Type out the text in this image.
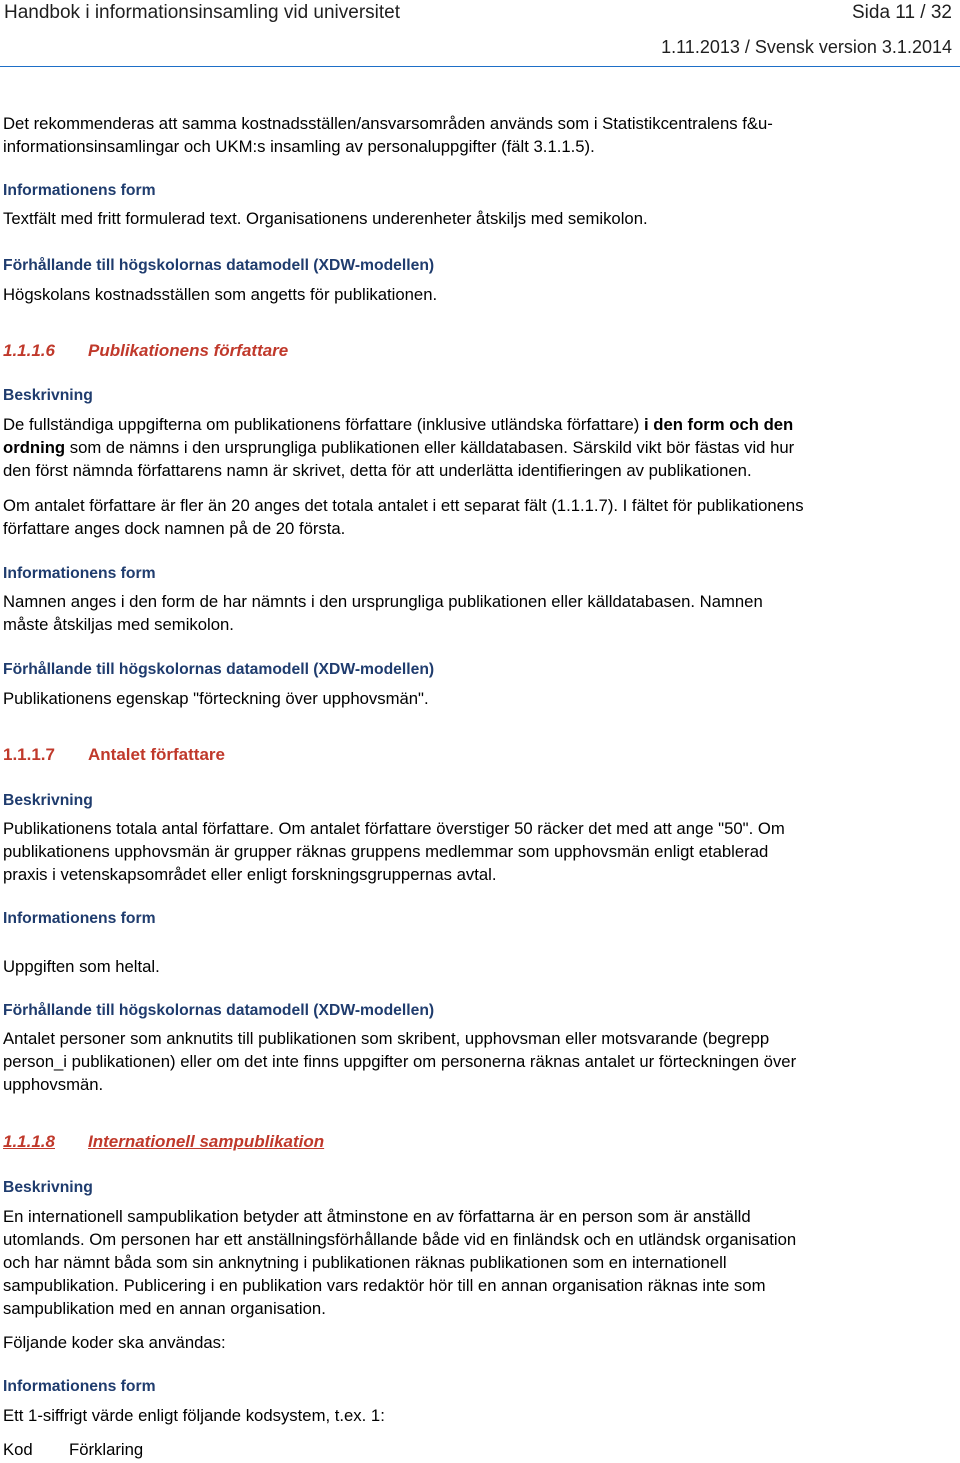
Handbok i informationsinsamling vid universitet	Sida 11 / 32
1.11.2013 / Svensk version 3.1.2014
Det rekommenderas att samma kostnadsställen/ansvarsområden används som i Statistikcentralens f&u-
informationsinsamlingar och UKM:s insamling av personaluppgifter (fält 3.1.1.5).
Informationens form
Textfält med fritt formulerad text. Organisationens underenheter åtskiljs med semikolon.
Förhållande till högskolornas datamodell (XDW-modellen)
Högskolans kostnadsställen som angetts för publikationen.
1.1.1.6 Publikationens författare
Beskrivning
De fullständiga uppgifterna om publikationens författare (inklusive utländska författare) i den form och den
ordning som de nämns i den ursprungliga publikationen eller källdatabasen. Särskild vikt bör fästas vid hur
den först nämnda författarens namn är skrivet, detta för att underlätta identifieringen av publikationen.
Om antalet författare är fler än 20 anges det totala antalet i ett separat fält (1.1.1.7). I fältet för publikationens
författare anges dock namnen på de 20 första.
Informationens form
Namnen anges i den form de har nämnts i den ursprungliga publikationen eller källdatabasen. Namnen
måste åtskiljas med semikolon.
Förhållande till högskolornas datamodell (XDW-modellen)
Publikationens egenskap "förteckning över upphovsmän".
1.1.1.7 Antalet författare
Beskrivning
Publikationens totala antal författare. Om antalet författare överstiger 50 räcker det med att ange "50". Om
publikationens upphovsmän är grupper räknas gruppens medlemmar som upphovsmän enligt etablerad
praxis i vetenskapsområdet eller enligt forskningsgruppernas avtal.
Informationens form
Uppgiften som heltal.
Förhållande till högskolornas datamodell (XDW-modellen)
Antalet personer som anknutits till publikationen som skribent, upphovsman eller motsvarande (begrepp
person_i publikationen) eller om det inte finns uppgifter om personerna räknas antalet ur förteckningen över
upphovsmän.
1.1.1.8 Internationell sampublikation
Beskrivning
En internationell sampublikation betyder att åtminstone en av författarna är en person som är anställd
utomlands. Om personen har ett anställningsförhållande både vid en finländsk och en utländsk organisation
och har nämnt båda som sin anknytning i publikationen räknas publikationen som en internationell
sampublikation. Publicering i en publikation vars redaktör hör till en annan organisation räknas inte som
sampublikation med en annan organisation.
Följande koder ska användas:
Informationens form
Ett 1-siffrigt värde enligt följande kodsystem, t.ex. 1:
Kod Förklaring
